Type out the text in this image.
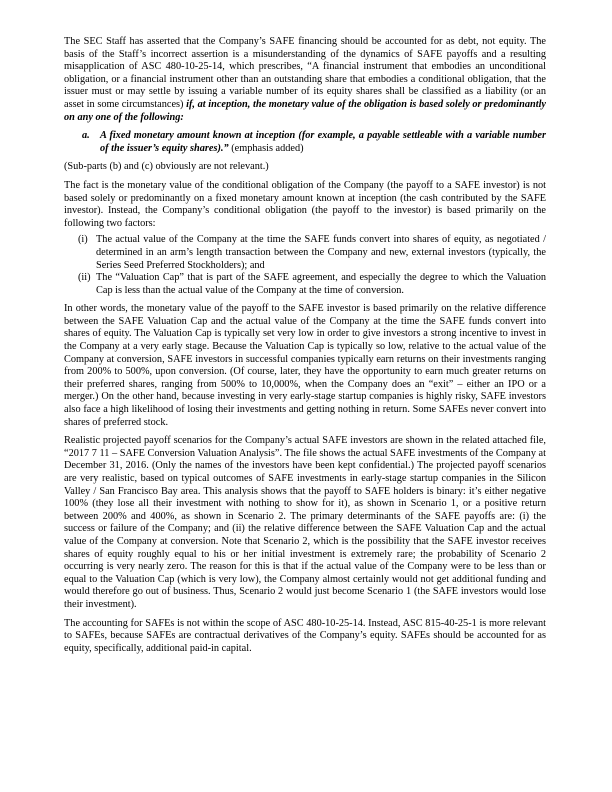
The SEC Staff has asserted that the Company’s SAFE financing should be accounted for as debt, not equity. The basis of the Staff’s incorrect assertion is a misunderstanding of the dynamics of SAFE payoffs and a resulting misapplication of ASC 480-10-25-14, which prescribes, “A financial instrument that embodies an unconditional obligation, or a financial instrument other than an outstanding share that embodies a conditional obligation, that the issuer must or may settle by issuing a variable number of its equity shares shall be classified as a liability (or an asset in some circumstances) if, at inception, the monetary value of the obligation is based solely or predominantly on any one of the following:

a. A fixed monetary amount known at inception (for example, a payable settleable with a variable number of the issuer’s equity shares).” (emphasis added)

(Sub-parts (b) and (c) obviously are not relevant.)

The fact is the monetary value of the conditional obligation of the Company (the payoff to a SAFE investor) is not based solely or predominantly on a fixed monetary amount known at inception (the cash contributed by the SAFE investor). Instead, the Company’s conditional obligation (the payoff to the investor) is based primarily on the following two factors:

(i) The actual value of the Company at the time the SAFE funds convert into shares of equity, as negotiated / determined in an arm’s length transaction between the Company and new, external investors (typically, the Series Seed Preferred Stockholders); and
(ii) The “Valuation Cap” that is part of the SAFE agreement, and especially the degree to which the Valuation Cap is less than the actual value of the Company at the time of conversion.

In other words, the monetary value of the payoff to the SAFE investor is based primarily on the relative difference between the SAFE Valuation Cap and the actual value of the Company at the time the SAFE funds convert into shares of equity. The Valuation Cap is typically set very low in order to give investors a strong incentive to invest in the Company at a very early stage. Because the Valuation Cap is typically so low, relative to the actual value of the Company at conversion, SAFE investors in successful companies typically earn returns on their investments ranging from 200% to 500%, upon conversion. (Of course, later, they have the opportunity to earn much greater returns on their preferred shares, ranging from 500% to 10,000%, when the Company does an “exit” – either an IPO or a merger.) On the other hand, because investing in very early-stage startup companies is highly risky, SAFE investors also face a high likelihood of losing their investments and getting nothing in return. Some SAFEs never convert into shares of preferred stock.

Realistic projected payoff scenarios for the Company’s actual SAFE investors are shown in the related attached file, “2017 7 11 – SAFE Conversion Valuation Analysis”. The file shows the actual SAFE investments of the Company at December 31, 2016. (Only the names of the investors have been kept confidential.) The projected payoff scenarios are very realistic, based on typical outcomes of SAFE investments in early-stage startup companies in the Silicon Valley / San Francisco Bay area. This analysis shows that the payoff to SAFE holders is binary: it’s either negative 100% (they lose all their investment with nothing to show for it), as shown in Scenario 1, or a positive return between 200% and 400%, as shown in Scenario 2. The primary determinants of the SAFE payoffs are: (i) the success or failure of the Company; and (ii) the relative difference between the SAFE Valuation Cap and the actual value of the Company at conversion. Note that Scenario 2, which is the possibility that the SAFE investor receives shares of equity roughly equal to his or her initial investment is extremely rare; the probability of Scenario 2 occurring is very nearly zero. The reason for this is that if the actual value of the Company were to be less than or equal to the Valuation Cap (which is very low), the Company almost certainly would not get additional funding and would therefore go out of business. Thus, Scenario 2 would just become Scenario 1 (the SAFE investors would lose their investment).

The accounting for SAFEs is not within the scope of ASC 480-10-25-14. Instead, ASC 815-40-25-1 is more relevant to SAFEs, because SAFEs are contractual derivatives of the Company’s equity. SAFEs should be accounted for as equity, specifically, additional paid-in capital.
